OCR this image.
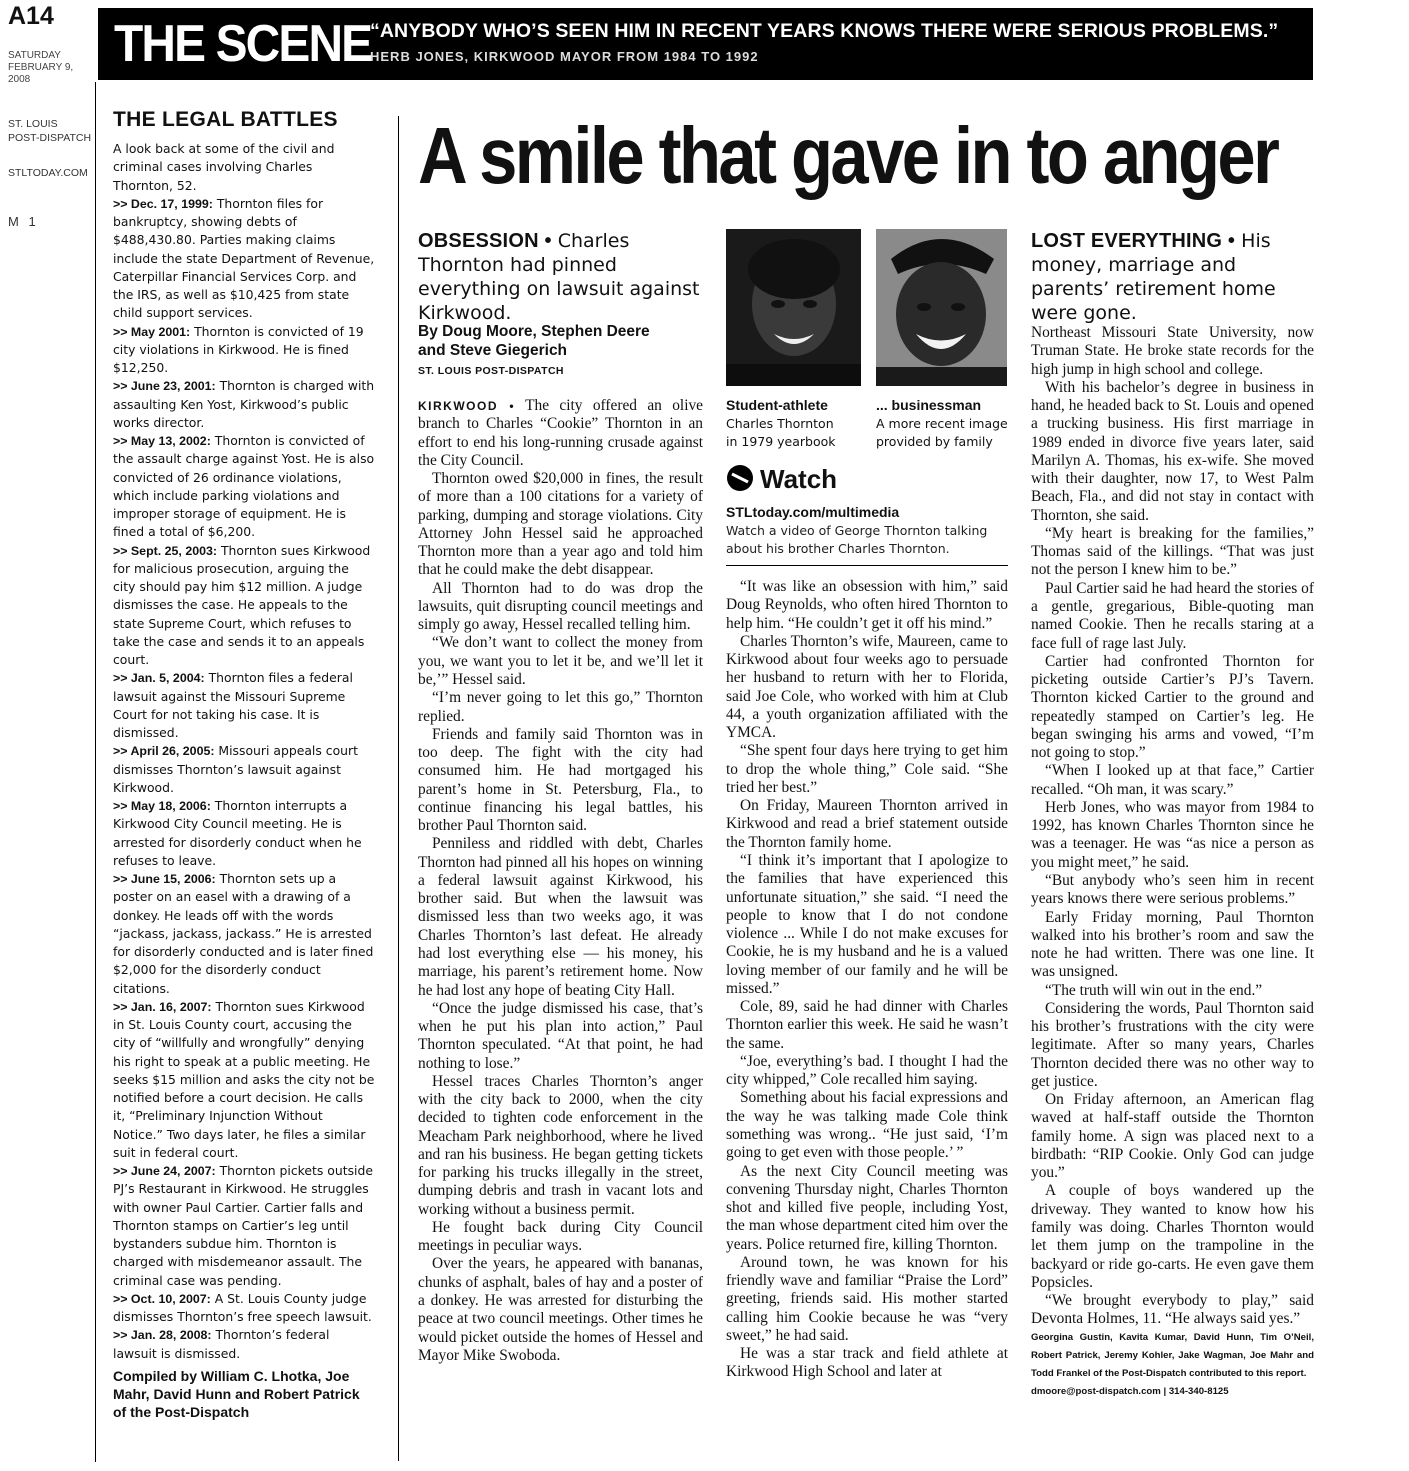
A14
SATURDAY
FEBRUARY 9,
2008
ST. LOUIS
POST-DISPATCH
STLTODAY.COM
M 1
THE SCENE
“ANYBODY WHO’S SEEN HIM IN RECENT YEARS KNOWS THERE WERE SERIOUS PROBLEMS.”
HERB JONES, KIRKWOOD MAYOR FROM 1984 TO 1992
THE LEGAL BATTLES

A look back at some of the civil and criminal cases involving Charles Thornton, 52.

>> Dec. 17, 1999: Thornton files for bankruptcy, showing debts of $488,430.80. Parties making claims include the state Department of Revenue, Caterpillar Financial Services Corp. and the IRS, as well as $10,425 from state child support services.

>> May 2001: Thornton is convicted of 19 city violations in Kirkwood. He is fined $12,250.

>> June 23, 2001: Thornton is charged with assaulting Ken Yost, Kirkwood’s public works director.

>> May 13, 2002: Thornton is convicted of the assault charge against Yost. He is also convicted of 26 ordinance violations, which include parking violations and improper storage of equipment. He is fined a total of $6,200.

>> Sept. 25, 2003: Thornton sues Kirkwood for malicious prosecution, arguing the city should pay him $12 million. A judge dismisses the case. He appeals to the state Supreme Court, which refuses to take the case and sends it to an appeals court.

>> Jan. 5, 2004: Thornton files a federal lawsuit against the Missouri Supreme Court for not taking his case. It is dismissed.

>> April 26, 2005: Missouri appeals court dismisses Thornton’s lawsuit against Kirkwood.

>> May 18, 2006: Thornton interrupts a Kirkwood City Council meeting. He is arrested for disorderly conduct when he refuses to leave.

>> June 15, 2006: Thornton sets up a poster on an easel with a drawing of a donkey. He leads off with the words “jackass, jackass, jackass.” He is arrested for disorderly conducted and is later fined $2,000 for the disorderly conduct citations.

>> Jan. 16, 2007: Thornton sues Kirkwood in St. Louis County court, accusing the city of “willfully and wrongfully” denying his right to speak at a public meeting. He seeks $15 million and asks the city not be notified before a court decision. He calls it, “Preliminary Injunction Without Notice.” Two days later, he files a similar suit in federal court.

>> June 24, 2007: Thornton pickets outside PJ’s Restaurant in Kirkwood. He struggles with owner Paul Cartier. Cartier falls and Thornton stamps on Cartier’s leg until bystanders subdue him. Thornton is charged with misdemeanor assault. The criminal case was pending.

>> Oct. 10, 2007: A St. Louis County judge dismisses Thornton’s free speech lawsuit.

>> Jan. 28, 2008: Thornton’s federal lawsuit is dismissed.

Compiled by William C. Lhotka, Joe Mahr, David Hunn and Robert Patrick of the Post-Dispatch
A smile that gave in to anger
OBSESSION • Charles Thornton had pinned everything on lawsuit against Kirkwood.
By Doug Moore, Stephen Deere
and Steve Giegerich
ST. LOUIS POST-DISPATCH
Student-athlete
Charles Thornton
in 1979 yearbook
... businessman
A more recent image
provided by family
Watch
STLtoday.com/multimedia
Watch a video of George Thornton talking about his brother Charles Thornton.
LOST EVERYTHING • His money, marriage and parents’ retirement home were gone.

KIRKWOOD • The city offered an olive branch to Charles “Cookie” Thornton in an effort to end his long-running crusade against the City Council.

Thornton owed $20,000 in fines, the result of more than a 100 citations for a variety of parking, dumping and storage violations. City Attorney John Hessel said he approached Thornton more than a year ago and told him that he could make the debt disappear.

All Thornton had to do was drop the lawsuits, quit disrupting council meetings and simply go away, Hessel recalled telling him.

“We don’t want to collect the money from you, we want you to let it be, and we’ll let it be,’” Hessel said.

“I’m never going to let this go,” Thornton replied.

Friends and family said Thornton was in too deep. The fight with the city had consumed him. He had mortgaged his parent’s home in St. Petersburg, Fla., to continue financing his legal battles, his brother Paul Thornton said.

Penniless and riddled with debt, Charles Thornton had pinned all his hopes on winning a federal lawsuit against Kirkwood, his brother said. But when the lawsuit was dismissed less than two weeks ago, it was Charles Thornton’s last defeat. He already had lost everything else — his money, his marriage, his parent’s retirement home. Now he had lost any hope of beating City Hall.

“Once the judge dismissed his case, that’s when he put his plan into action,” Paul Thornton speculated. “At that point, he had nothing to lose.”

Hessel traces Charles Thornton’s anger with the city back to 2000, when the city decided to tighten code enforcement in the Meacham Park neighborhood, where he lived and ran his business. He began getting tickets for parking his trucks illegally in the street, dumping debris and trash in vacant lots and working without a business permit.

He fought back during City Council meetings in peculiar ways.

Over the years, he appeared with bananas, chunks of asphalt, bales of hay and a poster of a donkey. He was arrested for disturbing the peace at two council meetings. Other times he would picket outside the homes of Hessel and Mayor Mike Swoboda.

“It was like an obsession with him,” said Doug Reynolds, who often hired Thornton to help him. “He couldn’t get it off his mind.”

Charles Thornton’s wife, Maureen, came to Kirkwood about four weeks ago to persuade her husband to return with her to Florida, said Joe Cole, who worked with him at Club 44, a youth organization affiliated with the YMCA.

“She spent four days here trying to get him to drop the whole thing,” Cole said. “She tried her best.”

On Friday, Maureen Thornton arrived in Kirkwood and read a brief statement outside the Thornton family home.

“I think it’s important that I apologize to the families that have experienced this unfortunate situation,” she said. “I need the people to know that I do not condone violence ... While I do not make excuses for Cookie, he is my husband and he is a valued loving member of our family and he will be missed.”

Cole, 89, said he had dinner with Charles Thornton earlier this week. He said he wasn’t the same.

“Joe, everything’s bad. I thought I had the city whipped,” Cole recalled him saying.

Something about his facial expressions and the way he was talking made Cole think something was wrong.. “He just said, ‘I’m going to get even with those people.’ ”

As the next City Council meeting was convening Thursday night, Charles Thornton shot and killed five people, including Yost, the man whose department cited him over the years. Police returned fire, killing Thornton.

Around town, he was known for his friendly wave and familiar “Praise the Lord” greeting, friends said. His mother started calling him Cookie because he was “very sweet,” he had said.

He was a star track and field athlete at Kirkwood High School and later at

Northeast Missouri State University, now Truman State. He broke state records for the high jump in high school and college.

With his bachelor’s degree in business in hand, he headed back to St. Louis and opened a trucking business. His first marriage in 1989 ended in divorce five years later, said Marilyn A. Thomas, his ex-wife. She moved with their daughter, now 17, to West Palm Beach, Fla., and did not stay in contact with Thornton, she said.

“My heart is breaking for the families,” Thomas said of the killings. “That was just not the person I knew him to be.”

Paul Cartier said he had heard the stories of a gentle, gregarious, Bible-quoting man named Cookie. Then he recalls staring at a face full of rage last July.

Cartier had confronted Thornton for picketing outside Cartier’s PJ’s Tavern. Thornton kicked Cartier to the ground and repeatedly stamped on Cartier’s leg. He began swinging his arms and vowed, “I’m not going to stop.”

“When I looked up at that face,” Cartier recalled. “Oh man, it was scary.”

Herb Jones, who was mayor from 1984 to 1992, has known Charles Thornton since he was a teenager. He was “as nice a person as you might meet,” he said.

“But anybody who’s seen him in recent years knows there were serious problems.”

Early Friday morning, Paul Thornton walked into his brother’s room and saw the note he had written. There was one line. It was unsigned.

“The truth will win out in the end.”

Considering the words, Paul Thornton said his brother’s frustrations with the city were legitimate. After so many years, Charles Thornton decided there was no other way to get justice.

On Friday afternoon, an American flag waved at half-staff outside the Thornton family home. A sign was placed next to a birdbath: “RIP Cookie. Only God can judge you.”

A couple of boys wandered up the driveway. They wanted to know how his family was doing. Charles Thornton would let them jump on the trampoline in the backyard or ride go-carts. He even gave them Popsicles.

“We brought everybody to play,” said Devonta Holmes, 11. “He always said yes.”

Georgina Gustin, Kavita Kumar, David Hunn, Tim O’Neil, Robert Patrick, Jeremy Kohler, Jake Wagman, Joe Mahr and Todd Frankel of the Post-Dispatch contributed to this report.

dmoore@post-dispatch.com | 314-340-8125
